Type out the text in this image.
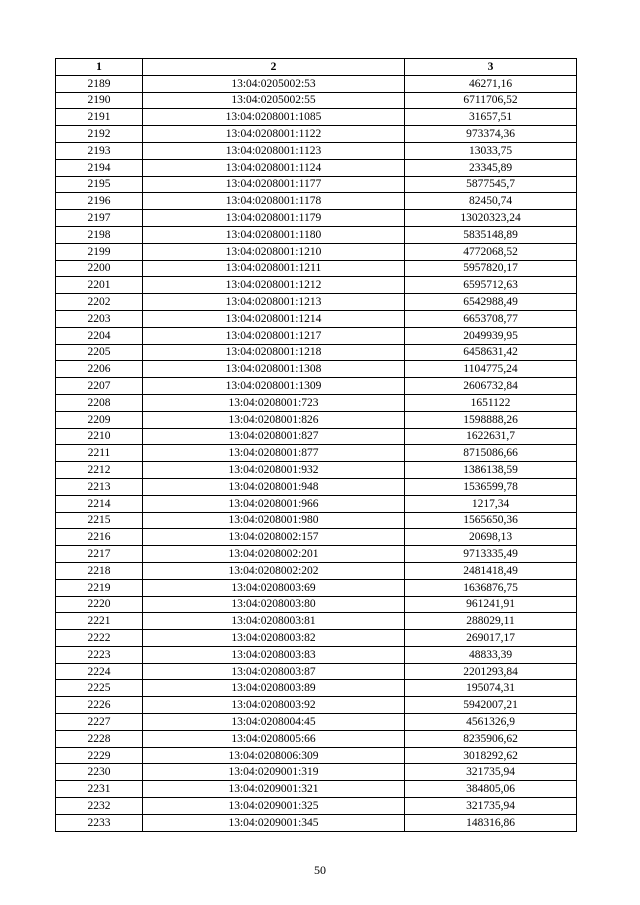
1	2	3
2189	13:04:0205002:53	46271,16
2190	13:04:0205002:55	6711706,52
2191	13:04:0208001:1085	31657,51
2192	13:04:0208001:1122	973374,36
2193	13:04:0208001:1123	13033,75
2194	13:04:0208001:1124	23345,89
2195	13:04:0208001:1177	5877545,7
2196	13:04:0208001:1178	82450,74
2197	13:04:0208001:1179	13020323,24
2198	13:04:0208001:1180	5835148,89
2199	13:04:0208001:1210	4772068,52
2200	13:04:0208001:1211	5957820,17
2201	13:04:0208001:1212	6595712,63
2202	13:04:0208001:1213	6542988,49
2203	13:04:0208001:1214	6653708,77
2204	13:04:0208001:1217	2049939,95
2205	13:04:0208001:1218	6458631,42
2206	13:04:0208001:1308	1104775,24
2207	13:04:0208001:1309	2606732,84
2208	13:04:0208001:723	1651122
2209	13:04:0208001:826	1598888,26
2210	13:04:0208001:827	1622631,7
2211	13:04:0208001:877	8715086,66
2212	13:04:0208001:932	1386138,59
2213	13:04:0208001:948	1536599,78
2214	13:04:0208001:966	1217,34
2215	13:04:0208001:980	1565650,36
2216	13:04:0208002:157	20698,13
2217	13:04:0208002:201	9713335,49
2218	13:04:0208002:202	2481418,49
2219	13:04:0208003:69	1636876,75
2220	13:04:0208003:80	961241,91
2221	13:04:0208003:81	288029,11
2222	13:04:0208003:82	269017,17
2223	13:04:0208003:83	48833,39
2224	13:04:0208003:87	2201293,84
2225	13:04:0208003:89	195074,31
2226	13:04:0208003:92	5942007,21
2227	13:04:0208004:45	4561326,9
2228	13:04:0208005:66	8235906,62
2229	13:04:0208006:309	3018292,62
2230	13:04:0209001:319	321735,94
2231	13:04:0209001:321	384805,06
2232	13:04:0209001:325	321735,94
2233	13:04:0209001:345	148316,86
50
